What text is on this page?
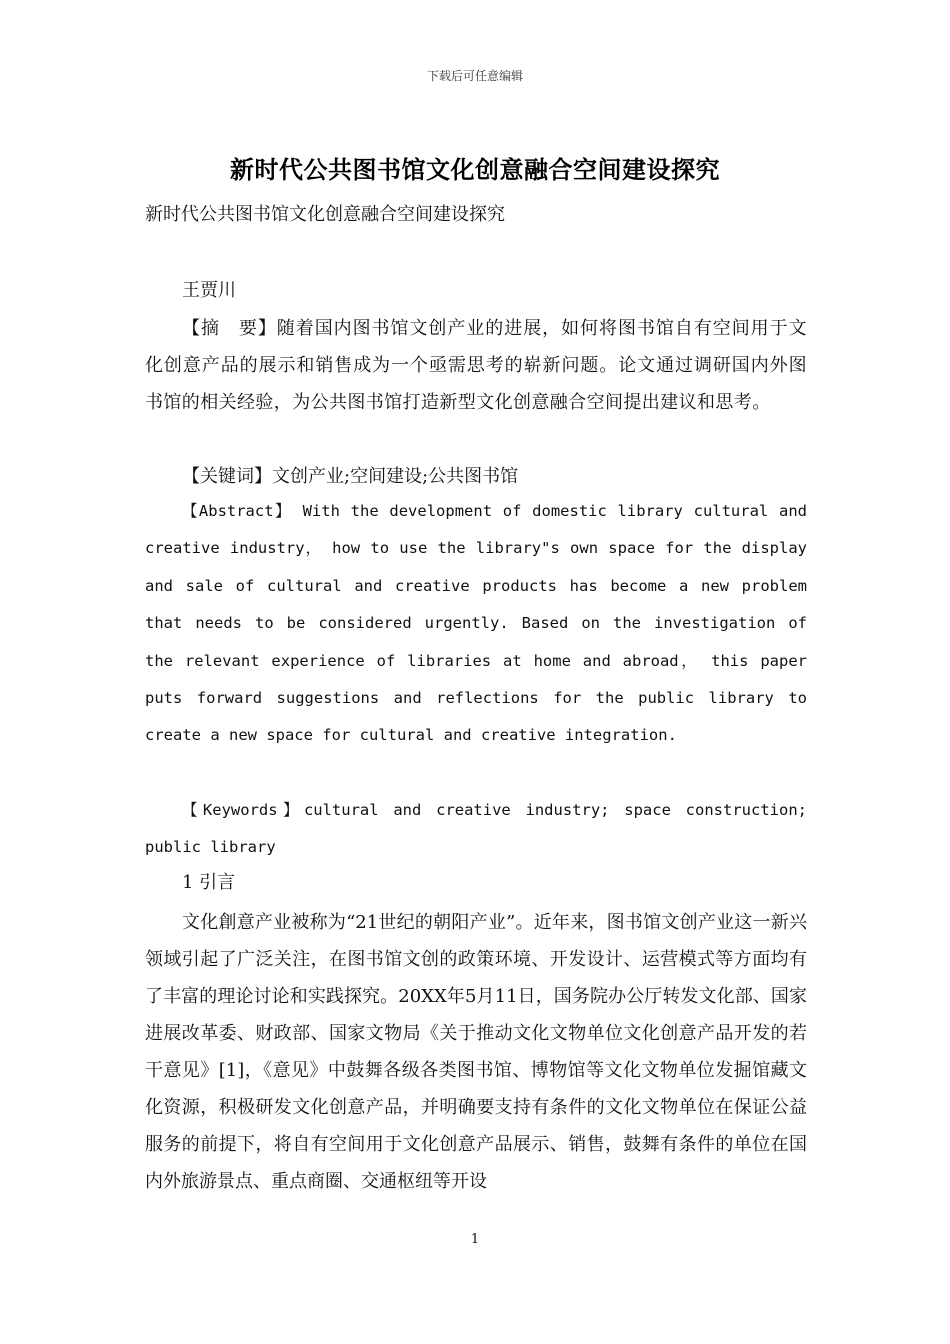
下载后可任意编辑
新时代公共图书馆文化创意融合空间建设探究
新时代公共图书馆文化创意融合空间建设探究
王贾川

【摘　要】随着国内图书馆文创产业的进展，如何将图书馆自有空间用于文化创意产品的展示和销售成为一个亟需思考的崭新问题。论文通过调研国内外图书馆的相关经验，为公共图书馆打造新型文化创意融合空间提出建议和思考。

【关键词】文创产业;空间建设;公共图书馆

【Abstract】 With the development of domestic library cultural and creative industry， how to use the library"s own space for the display and sale of cultural and creative products has become a new problem that needs to be considered urgently. Based on the investigation of the relevant experience of libraries at home and abroad， this paper puts forward suggestions and reflections for the public library to create a new space for cultural and creative integration.

【Keywords】cultural and creative industry; space construction; public library

1 引言

文化創意产业被称为“21世纪的朝阳产业”。近年来，图书馆文创产业这一新兴领域引起了广泛关注，在图书馆文创的政策环境、开发设计、运营模式等方面均有了丰富的理论讨论和实践探究。20XX年5月11日，国务院办公厅转发文化部、国家进展改革委、财政部、国家文物局《关于推动文化文物单位文化创意产品开发的若干意见》[1]，《意见》中鼓舞各级各类图书馆、博物馆等文化文物单位发掘馆藏文化资源，积极研发文化创意产品，并明确要支持有条件的文化文物单位在保证公益服务的前提下，将自有空间用于文化创意产品展示、销售，鼓舞有条件的单位在国内外旅游景点、重点商圈、交通枢纽等开设

1
